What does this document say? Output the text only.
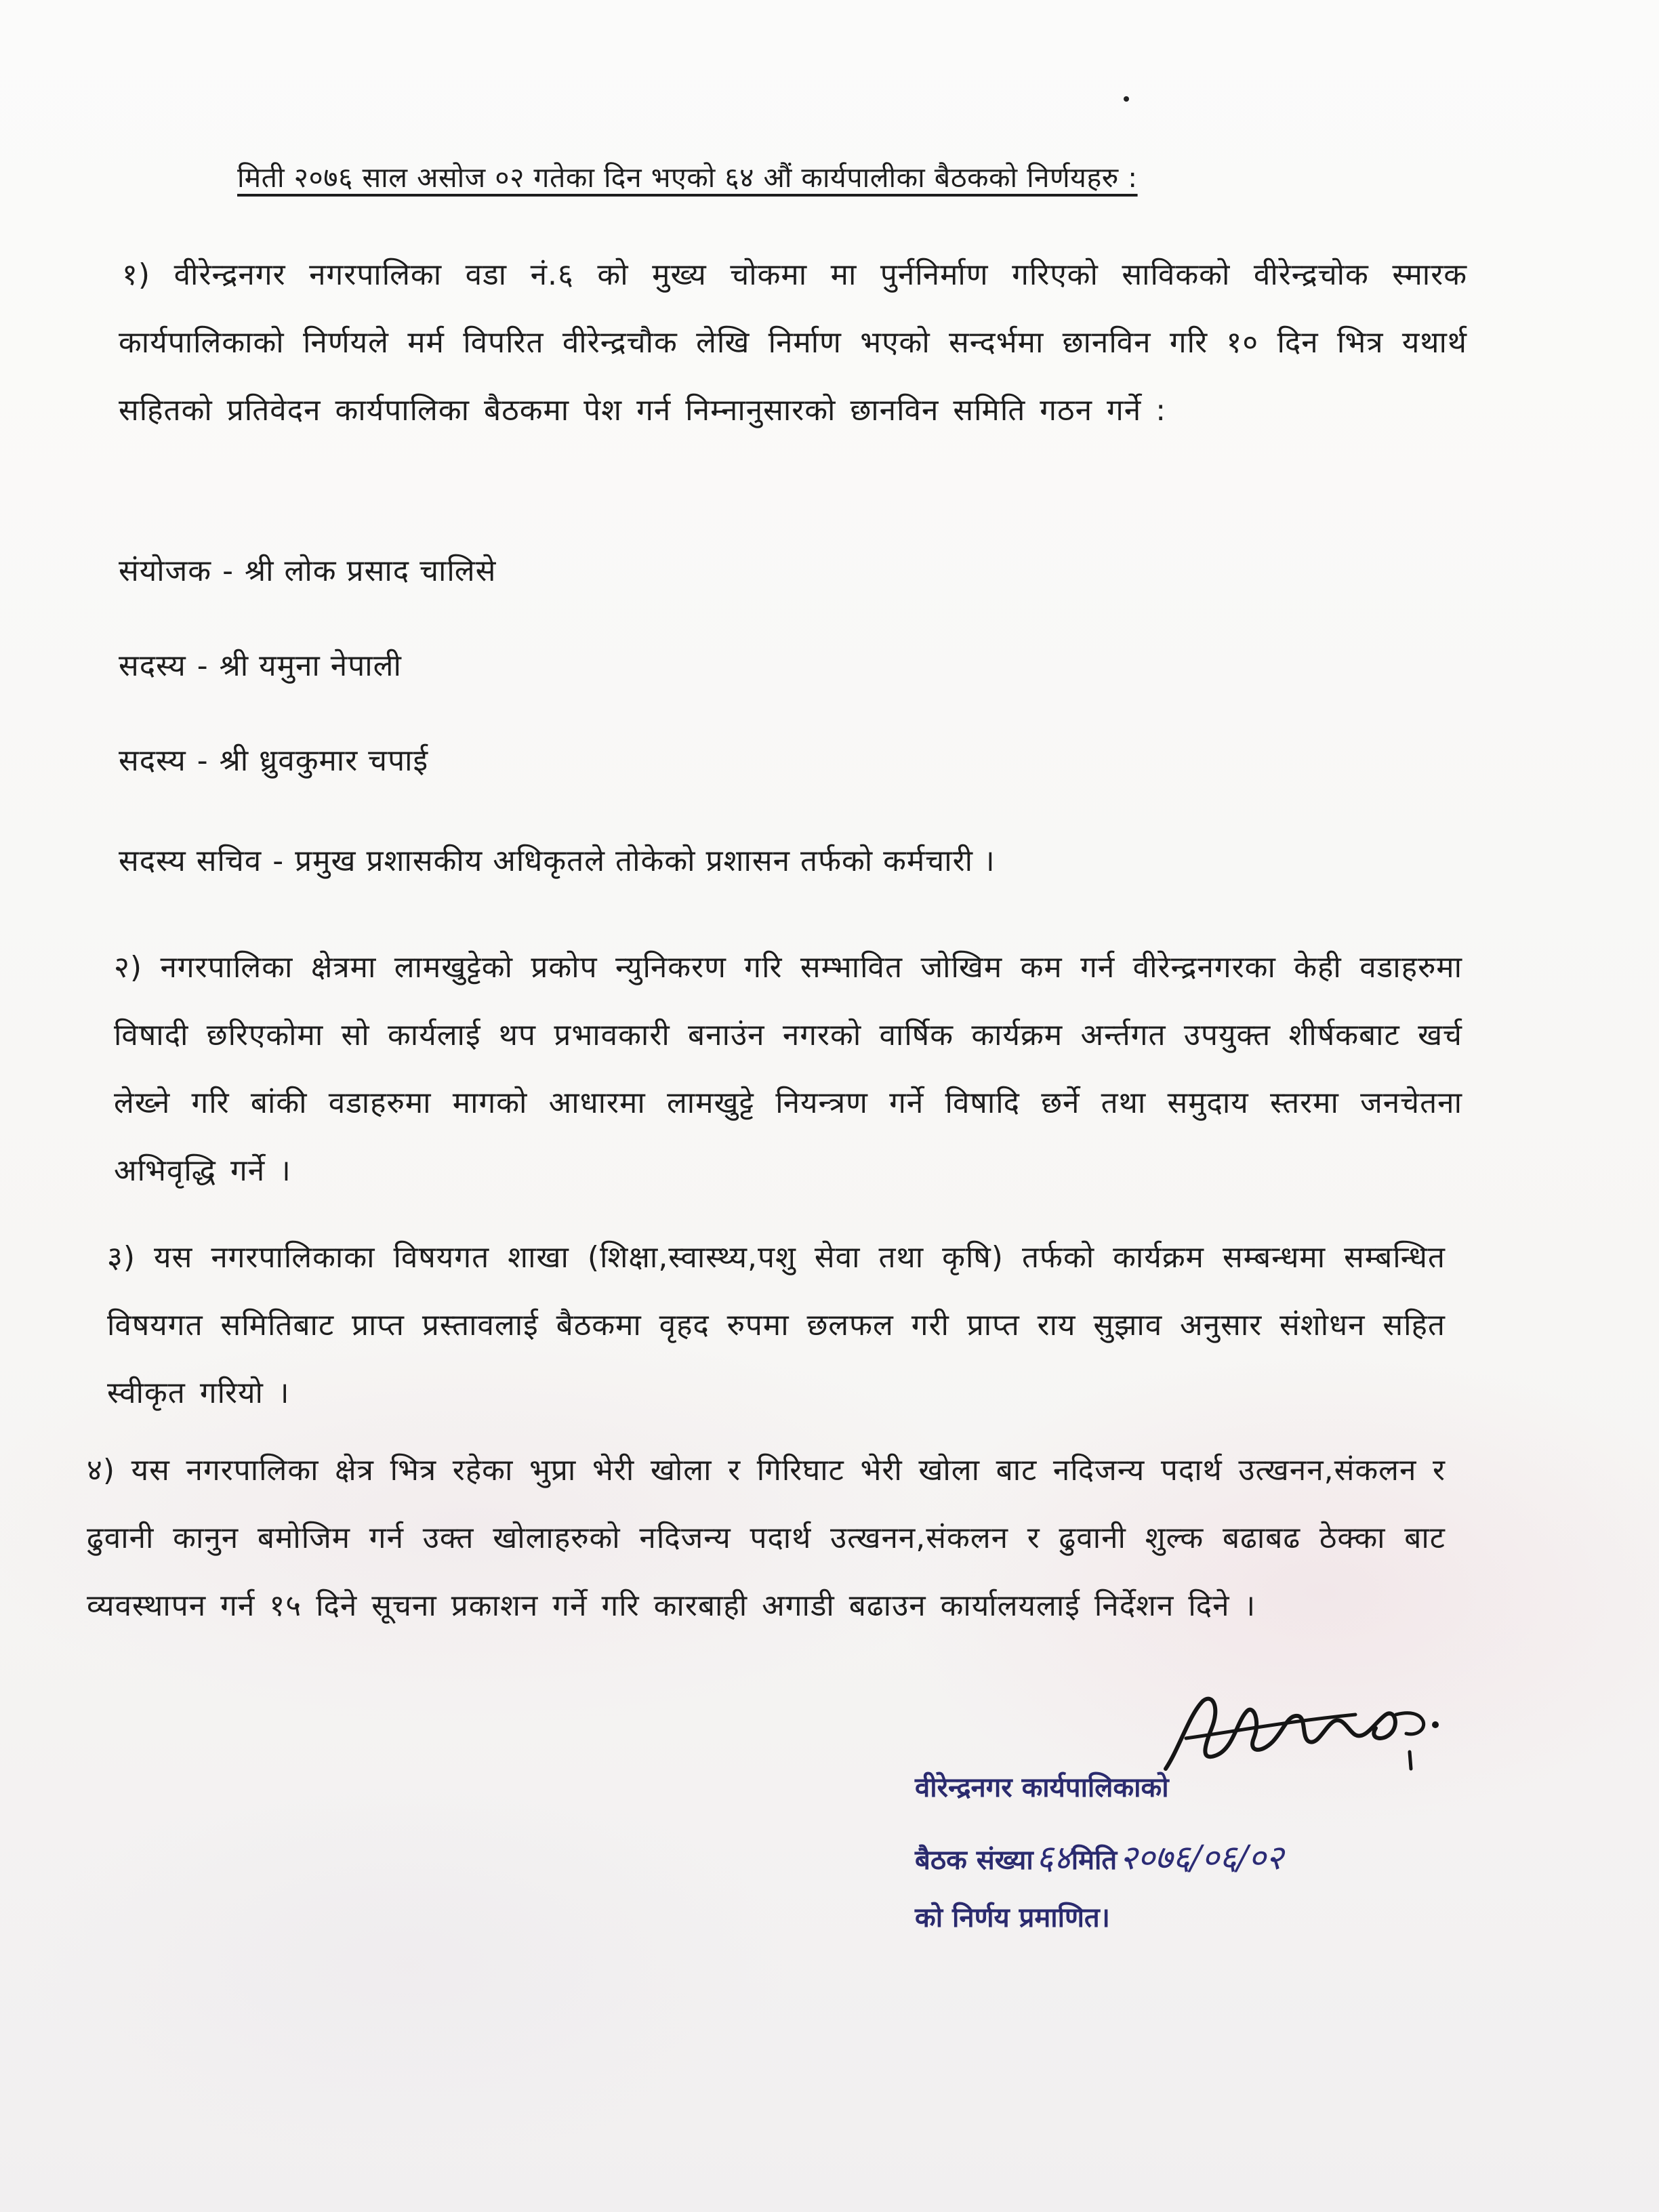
मिती २०७६ साल असोज ०२ गतेका दिन भएको ६४ औं कार्यपालीका बैठकको निर्णयहरु :
१) वीरेन्द्रनगर नगरपालिका वडा नं.६ को मुख्य चोकमा मा पुर्ननिर्माण गरिएको साविकको वीरेन्द्रचोक स्मारक कार्यपालिकाको निर्णयले मर्म विपरित वीरेन्द्रचौक लेखि निर्माण भएको सन्दर्भमा छानविन गरि १० दिन भित्र यथार्थ सहितको प्रतिवेदन कार्यपालिका बैठकमा पेश गर्न निम्नानुसारको छानविन समिति गठन गर्ने :
संयोजक - श्री लोक प्रसाद चालिसे
सदस्य - श्री यमुना नेपाली
सदस्य - श्री ध्रुवकुमार चपाई
सदस्य सचिव - प्रमुख प्रशासकीय अधिकृतले तोकेको प्रशासन तर्फको कर्मचारी ।
२) नगरपालिका क्षेत्रमा लामखुट्टेको प्रकोप न्युनिकरण गरि सम्भावित जोखिम कम गर्न वीरेन्द्रनगरका केही वडाहरुमा विषादी छरिएकोमा सो कार्यलाई थप प्रभावकारी बनाउंन नगरको वार्षिक कार्यक्रम अर्न्तगत उपयुक्त शीर्षकबाट खर्च लेख्ने गरि बांकी वडाहरुमा मागको आधारमा लामखुट्टे नियन्त्रण गर्ने विषादि छर्ने तथा समुदाय स्तरमा जनचेतना अभिवृद्धि गर्ने ।
३) यस नगरपालिकाका विषयगत शाखा (शिक्षा,स्वास्थ्य,पशु सेवा तथा कृषि) तर्फको कार्यक्रम सम्बन्धमा सम्बन्धित विषयगत समितिबाट प्राप्त प्रस्तावलाई बैठकमा वृहद रुपमा छलफल गरी प्राप्त राय सुझाव अनुसार संशोधन सहित स्वीकृत गरियो ।
४) यस नगरपालिका क्षेत्र भित्र रहेका भुप्रा भेरी खोला र गिरिघाट भेरी खोला बाट नदिजन्य पदार्थ उत्खनन,संकलन र ढुवानी कानुन बमोजिम गर्न उक्त खोलाहरुको नदिजन्य पदार्थ उत्खनन,संकलन र ढुवानी शुल्क बढाबढ ठेक्का बाट व्यवस्थापन गर्न १५ दिने सूचना प्रकाशन गर्ने गरि कारबाही अगाडी बढाउन कार्यालयलाई निर्देशन दिने ।
वीरेन्द्रनगर कार्यपालिकाको
बैठक संख्या६४मिति२०७६/०६/०२
को निर्णय प्रमाणित।
